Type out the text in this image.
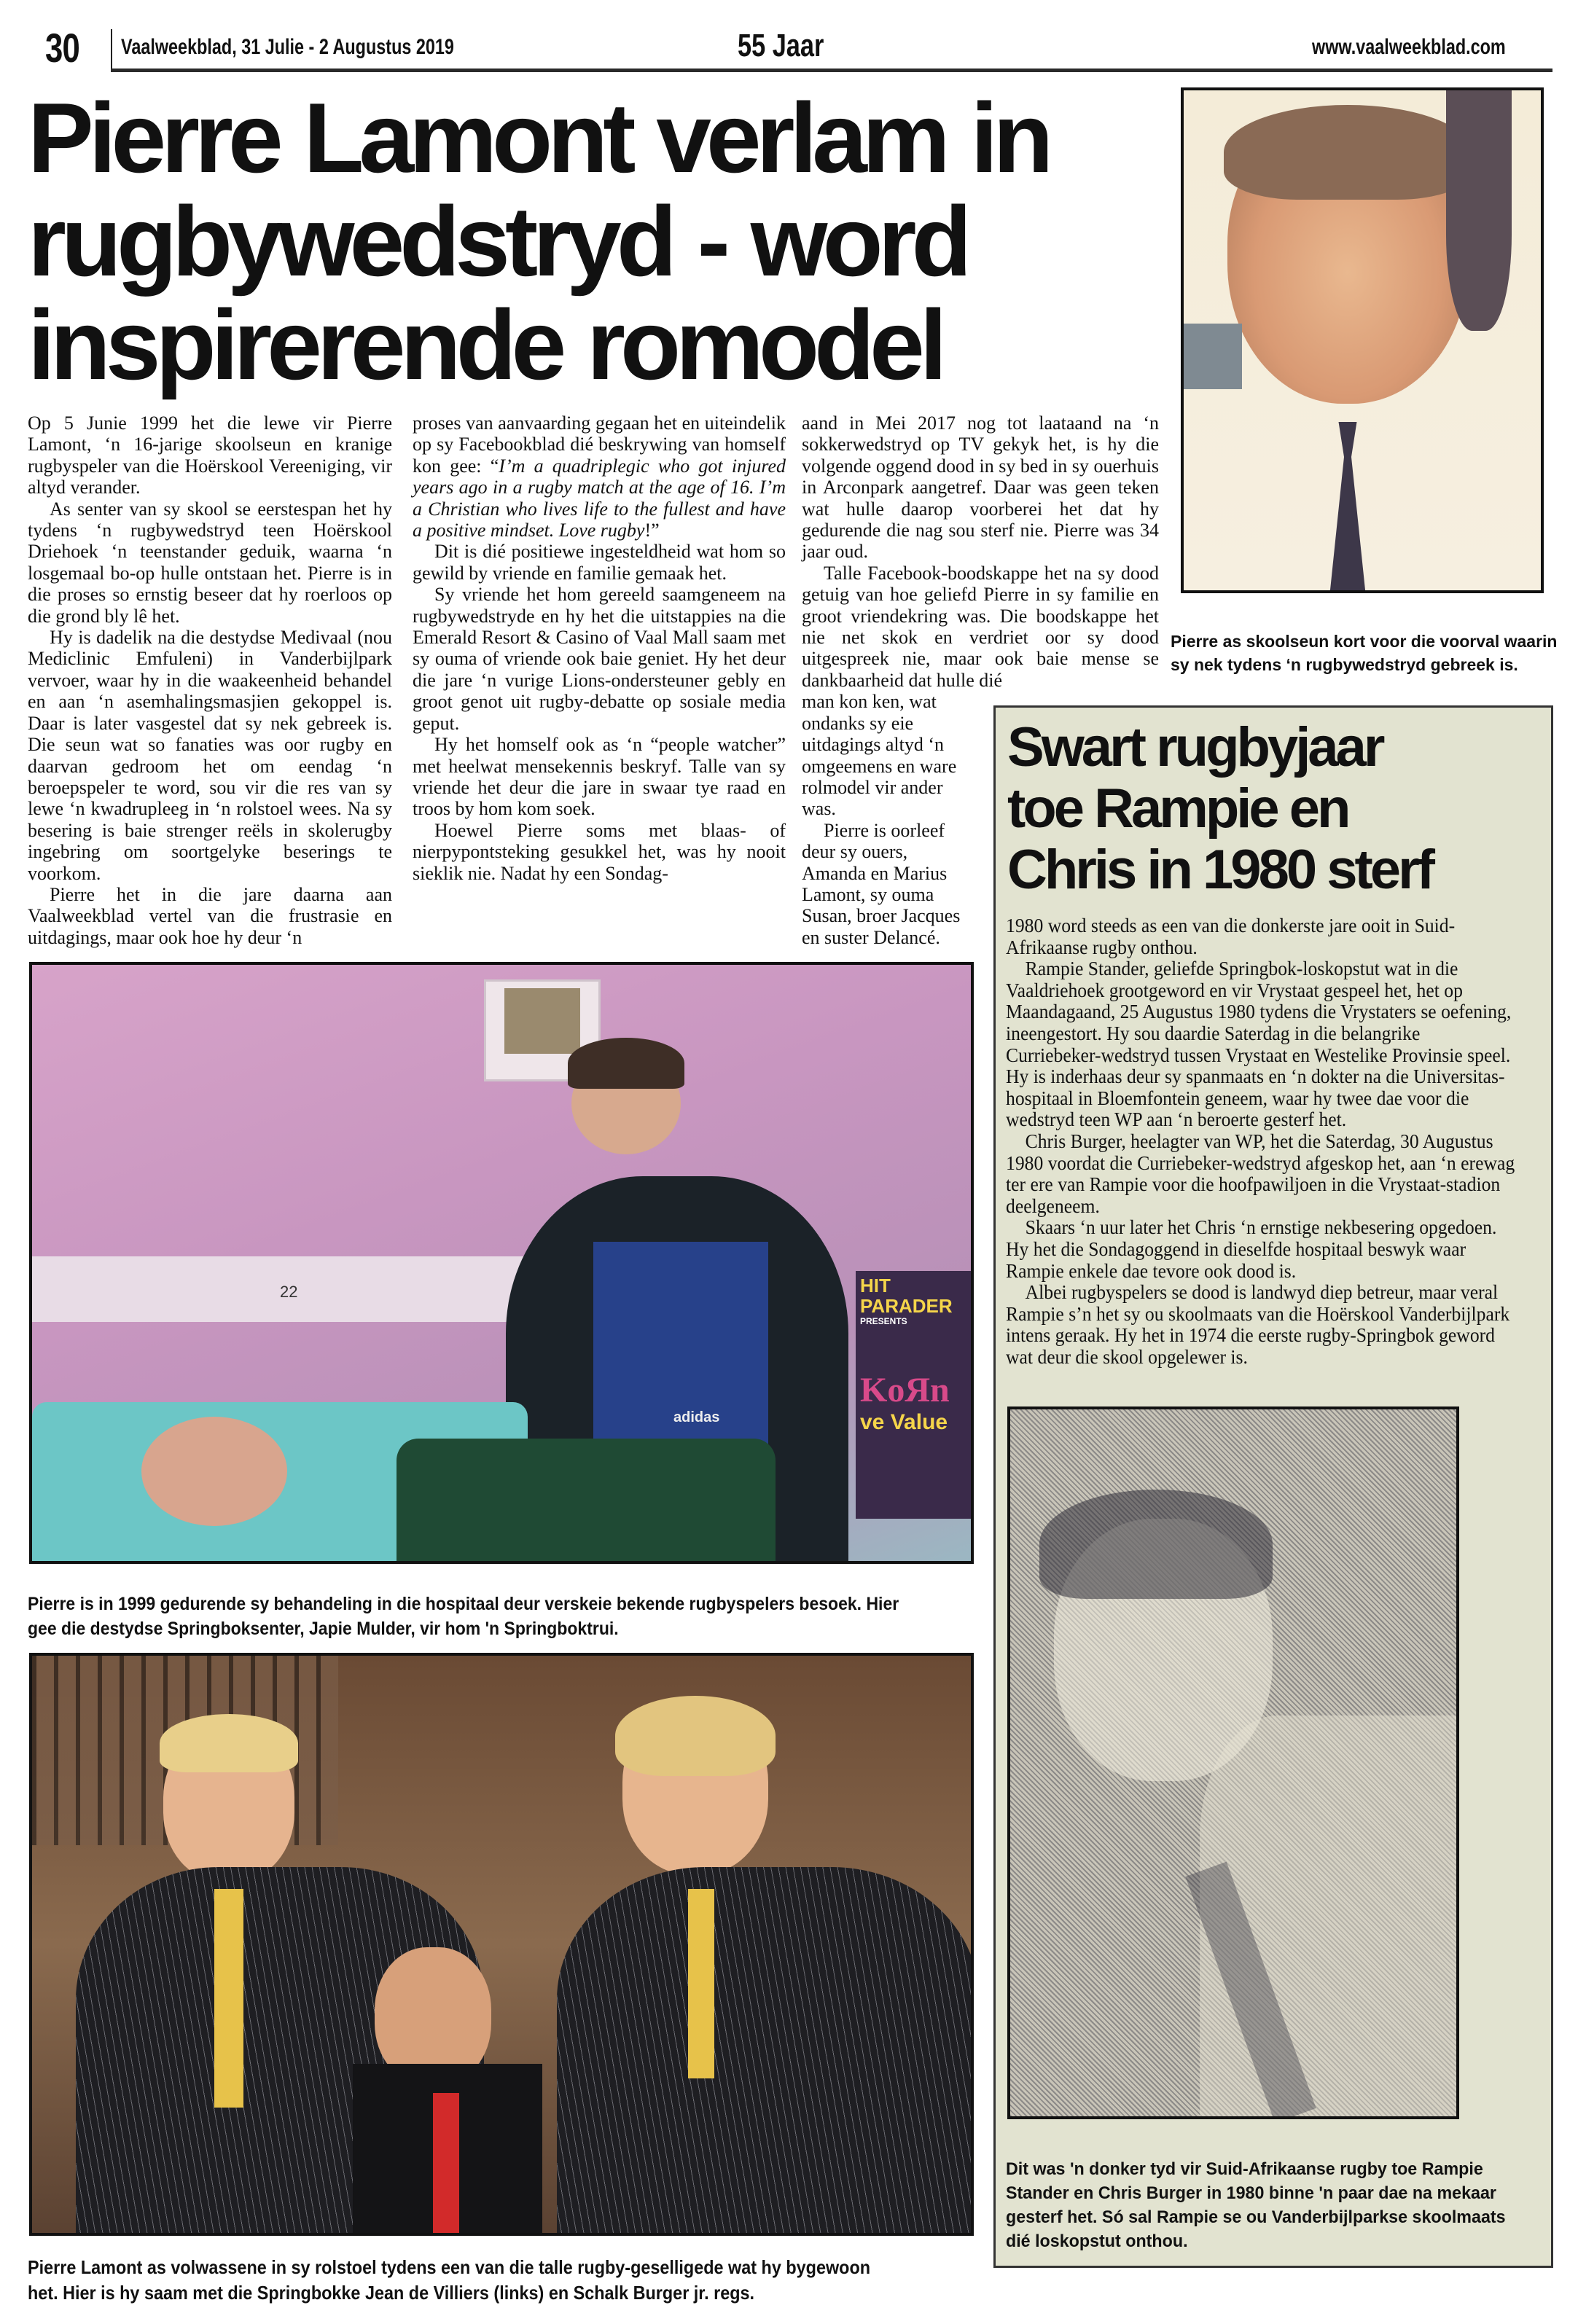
30 Vaalweekblad, 31 Julie - 2 Augustus 2019	55 Jaar	www.vaalweekblad.com
Pierre Lamont verlam in
rugbywedstryd - word
inspirerende romodel
Pierre as skoolseun kort voor die voorval waarin sy nek tydens ‘n rugbywedstryd gebreek is.

Op 5 Junie 1999 het die lewe vir Pierre Lamont, ‘n 16-jarige skoolseun en kranige rugbyspeler van die Hoërskool Vereeniging, vir altyd verander.

As senter van sy skool se eerstespan het hy tydens ‘n rugbywedstryd teen Hoërskool Driehoek ‘n teenstander geduik, waarna ‘n losgemaal bo-op hulle ontstaan het. Pierre is in die proses so ernstig beseer dat hy roerloos op die grond bly lê het.

Hy is dadelik na die destydse Medivaal (nou Mediclinic Emfuleni) in Vanderbijlpark vervoer, waar hy in die waakeenheid behandel en aan ‘n asemhalingsmasjien gekoppel is. Daar is later vasgestel dat sy nek gebreek is. Die seun wat so fanaties was oor rugby en daarvan gedroom het om eendag ‘n beroepspeler te word, sou vir die res van sy lewe ‘n kwadrupleeg in ‘n rolstoel wees. Na sy besering is baie strenger reëls in skolerugby ingebring om soortgelyke beserings te voorkom.

Pierre het in die jare daarna aan Vaalweekblad vertel van die frustrasie en uitdagings, maar ook hoe hy deur ‘n

proses van aanvaarding gegaan het en uiteindelik op sy Facebookblad dié beskrywing van homself kon gee: “I’m a quadriplegic who got injured years ago in a rugby match at the age of 16. I’m a Christian who lives life to the fullest and have a positive mindset. Love rugby!”

Dit is dié positiewe ingesteldheid wat hom so gewild by vriende en familie gemaak het.

Sy vriende het hom gereeld saamgeneem na rugbywedstryde en hy het die uitstappies na die Emerald Resort & Casino of Vaal Mall saam met sy ouma of vriende ook baie geniet. Hy het deur die jare ‘n vurige Lions-ondersteuner gebly en groot genot uit rugby-debatte op sosiale media geput.

Hy het homself ook as ‘n “people watcher” met heelwat mensekennis beskryf. Talle van sy vriende het deur die jare in swaar tye raad en troos by hom kom soek.

Hoewel Pierre soms met blaas- of nierpypontsteking gesukkel het, was hy nooit sieklik nie. Nadat hy een Sondag-

aand in Mei 2017 nog tot laataand na ‘n sokkerwedstryd op TV gekyk het, is hy die volgende oggend dood in sy bed in sy ouerhuis in Arconpark aangetref. Daar was geen teken wat hulle daarop voorberei het dat hy gedurende die nag sou sterf nie. Pierre was 34 jaar oud.

Talle Facebook-boodskappe het na sy dood getuig van hoe geliefd Pierre in sy familie en groot vriendekring was. Die boodskappe het nie net skok en verdriet oor sy dood uitgespreek nie, maar ook baie mense se dankbaarheid dat hulle dié

man kon ken, wat ondanks sy eie uitdagings altyd ‘n omgeemens en ware rolmodel vir ander was.

Pierre is oorleef deur sy ouers, Amanda en Marius Lamont, sy ouma Susan, broer Jacques en suster Delancé.

22
adidas
HIT PARADER
PRESENTS
KoЯn
ve Value
Pierre is in 1999 gedurende sy behandeling in die hospitaal deur verskeie bekende rugbyspelers besoek. Hier gee die destydse Springboksenter, Japie Mulder, vir hom 'n Springboktrui.
Pierre Lamont as volwassene in sy rolstoel tydens een van die talle rugby-geselligede wat hy bygewoon het. Hier is hy saam met die Springbokke Jean de Villiers (links) en Schalk Burger jr. regs.
Swart rugbyjaar
toe Rampie en
Chris in 1980 sterf

1980 word steeds as een van die donkerste jare ooit in Suid-Afrikaanse rugby onthou.

Rampie Stander, geliefde Springbok-loskopstut wat in die Vaaldriehoek grootgeword en vir Vrystaat gespeel het, het op Maandagaand, 25 Augustus 1980 tydens die Vrystaters se oefening, ineengestort. Hy sou daardie Saterdag in die belangrike Curriebeker-wedstryd tussen Vrystaat en Westelike Provinsie speel. Hy is inderhaas deur sy spanmaats en ‘n dokter na die Universitas-hospitaal in Bloemfontein geneem, waar hy twee dae voor die wedstryd teen WP aan ‘n beroerte gesterf het.

Chris Burger, heelagter van WP, het die Saterdag, 30 Augustus 1980 voordat die Curriebeker-wedstryd afgeskop het, aan ‘n erewag ter ere van Rampie voor die hoofpawiljoen in die Vrystaat-stadion deelgeneem.

Skaars ‘n uur later het Chris ‘n ernstige nekbesering opgedoen. Hy het die Sondagoggend in dieselfde hospitaal beswyk waar Rampie enkele dae tevore ook dood is.

Albei rugbyspelers se dood is landwyd diep betreur, maar veral Rampie s’n het sy ou skoolmaats van die Hoërskool Vanderbijlpark intens geraak. Hy het in 1974 die eerste rugby-Springbok geword wat deur die skool opgelewer is.

Dit was 'n donker tyd vir Suid-Afrikaanse rugby toe Rampie Stander en Chris Burger in 1980 binne 'n paar dae na mekaar gesterf het. Só sal Rampie se ou Vanderbijlparkse skoolmaats dié loskopstut onthou.
